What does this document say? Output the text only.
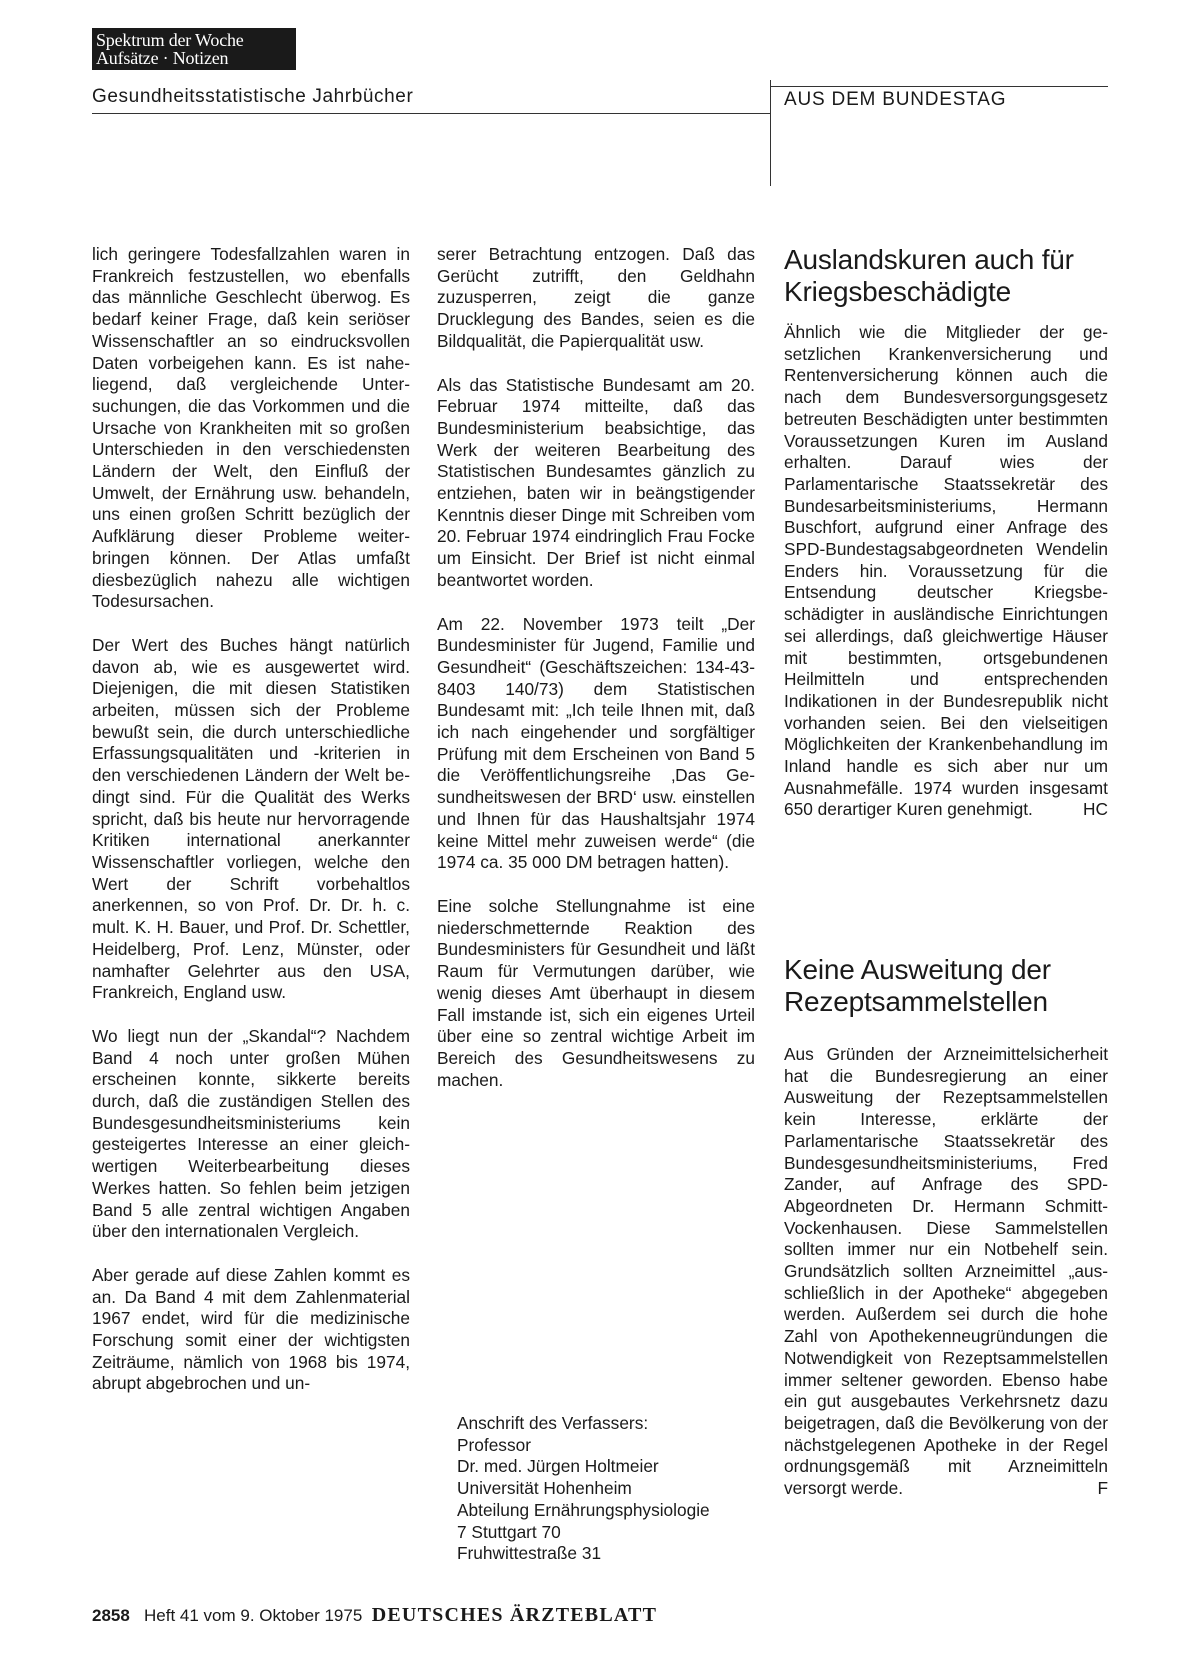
Spektrum der Woche
Aufsätze · Notizen
Gesundheitsstatistische Jahrbücher	AUS DEM BUNDESTAG

lich geringere Todesfallzahlen waren in Frankreich festzustellen, wo ebenfalls das männliche Geschlecht überwog. Es bedarf keiner Frage, daß kein seriöser Wissenschaftler an so eindrucksvollen Daten vorbeigehen kann. Es ist naheliegend, daß vergleichende Untersuchungen, die das Vorkommen und die Ursache von Krankheiten mit so großen Unterschieden in den verschiedensten Ländern der Welt, den Einfluß der Umwelt, der Ernährung usw. behandeln, uns einen großen Schritt bezüglich der Aufklärung dieser Probleme weiterbringen können. Der Atlas umfaßt diesbezüglich nahezu alle wichtigen Todesursachen.

Der Wert des Buches hängt natürlich davon ab, wie es ausgewertet wird. Diejenigen, die mit diesen Statistiken arbeiten, müssen sich der Probleme bewußt sein, die durch unterschiedliche Erfassungsqualitäten und -kriterien in den verschiedenen Ländern der Welt bedingt sind. Für die Qualität des Werks spricht, daß bis heute nur hervorragende Kritiken international anerkannter Wissenschaftler vorliegen, welche den Wert der Schrift vorbehaltlos anerkennen, so von Prof. Dr. Dr. h. c. mult. K. H. Bauer, und Prof. Dr. Schettler, Heidelberg, Prof. Lenz, Münster, oder namhafter Gelehrter aus den USA, Frankreich, England usw.

Wo liegt nun der „Skandal“? Nachdem Band 4 noch unter großen Mühen erscheinen konnte, sikkerte bereits durch, daß die zuständigen Stellen des Bundesgesundheitsministeriums kein gesteigertes Interesse an einer gleichwertigen Weiterbearbeitung dieses Werkes hatten. So fehlen beim jetzigen Band 5 alle zentral wichtigen Angaben über den internationalen Vergleich.

Aber gerade auf diese Zahlen kommt es an. Da Band 4 mit dem Zahlenmaterial 1967 endet, wird für die medizinische Forschung somit einer der wichtigsten Zeiträume, nämlich von 1968 bis 1974, abrupt abgebrochen und un-

serer Betrachtung entzogen. Daß das Gerücht zutrifft, den Geldhahn zuzusperren, zeigt die ganze Drucklegung des Bandes, seien es die Bildqualität, die Papierqualität usw.

Als das Statistische Bundesamt am 20. Februar 1974 mitteilte, daß das Bundesministerium beabsichtige, das Werk der weiteren Bearbeitung des Statistischen Bundesamtes gänzlich zu entziehen, baten wir in beängstigender Kenntnis dieser Dinge mit Schreiben vom 20. Februar 1974 eindringlich Frau Focke um Einsicht. Der Brief ist nicht einmal beantwortet worden.

Am 22. November 1973 teilt „Der Bundesminister für Jugend, Familie und Gesundheit“ (Geschäftszeichen: 134-43-8403 140/73) dem Statistischen Bundesamt mit: „Ich teile Ihnen mit, daß ich nach eingehender und sorgfältiger Prüfung mit dem Erscheinen von Band 5 die Veröffentlichungsreihe ‚Das Gesundheitswesen der BRD‘ usw. einstellen und Ihnen für das Haushaltsjahr 1974 keine Mittel mehr zuweisen werde“ (die 1974 ca. 35 000 DM betragen hatten).

Eine solche Stellungnahme ist eine niederschmetternde Reaktion des Bundesministers für Gesundheit und läßt Raum für Vermutungen darüber, wie wenig dieses Amt überhaupt in diesem Fall imstande ist, sich ein eigenes Urteil über eine so zentral wichtige Arbeit im Bereich des Gesundheitswesens zu machen.

Anschrift des Verfassers:
Professor
Dr. med. Jürgen Holtmeier
Universität Hohenheim
Abteilung Ernährungsphysiologie
7 Stuttgart 70
Fruhwittestraße 31
Auslandskuren auch für
Kriegsbeschädigte

Ähnlich wie die Mitglieder der gesetzlichen Krankenversicherung und Rentenversicherung können auch die nach dem Bundesversorgungsgesetz betreuten Beschädigten unter bestimmten Voraussetzungen Kuren im Ausland erhalten. Darauf wies der Parlamentarische Staatssekretär des Bundesarbeitsministeriums, Hermann Buschfort, aufgrund einer Anfrage des SPD-Bundestagsabgeordneten Wendelin Enders hin. Voraussetzung für die Entsendung deutscher Kriegsbeschädigter in ausländische Einrichtungen sei allerdings, daß gleichwertige Häuser mit bestimmten, ortsgebundenen Heilmitteln und entsprechenden Indikationen in der Bundesrepublik nicht vorhanden seien. Bei den vielseitigen Möglichkeiten der Krankenbehandlung im Inland handle es sich aber nur um Ausnahmefälle. 1974 wurden insgesamt 650 derartiger Kuren genehmigt.	HC

Keine Ausweitung der
Rezeptsammelstellen

Aus Gründen der Arzneimittelsicherheit hat die Bundesregierung an einer Ausweitung der Rezeptsammelstellen kein Interesse, erklärte der Parlamentarische Staatssekretär des Bundesgesundheitsministeriums, Fred Zander, auf Anfrage des SPD-Abgeordneten Dr. Hermann Schmitt-Vockenhausen. Diese Sammelstellen sollten immer nur ein Notbehelf sein. Grundsätzlich sollten Arzneimittel „ausschließlich in der Apotheke“ abgegeben werden. Außerdem sei durch die hohe Zahl von Apothekenneugründungen die Notwendigkeit von Rezeptsammelstellen immer seltener geworden. Ebenso habe ein gut ausgebautes Verkehrsnetz dazu beigetragen, daß die Bevölkerung von der nächstgelegenen Apotheke in der Regel ordnungsgemäß mit Arzneimitteln versorgt werde.	F

2858 Heft 41 vom 9. Oktober 1975 DEUTSCHES ÄRZTEBLATT
